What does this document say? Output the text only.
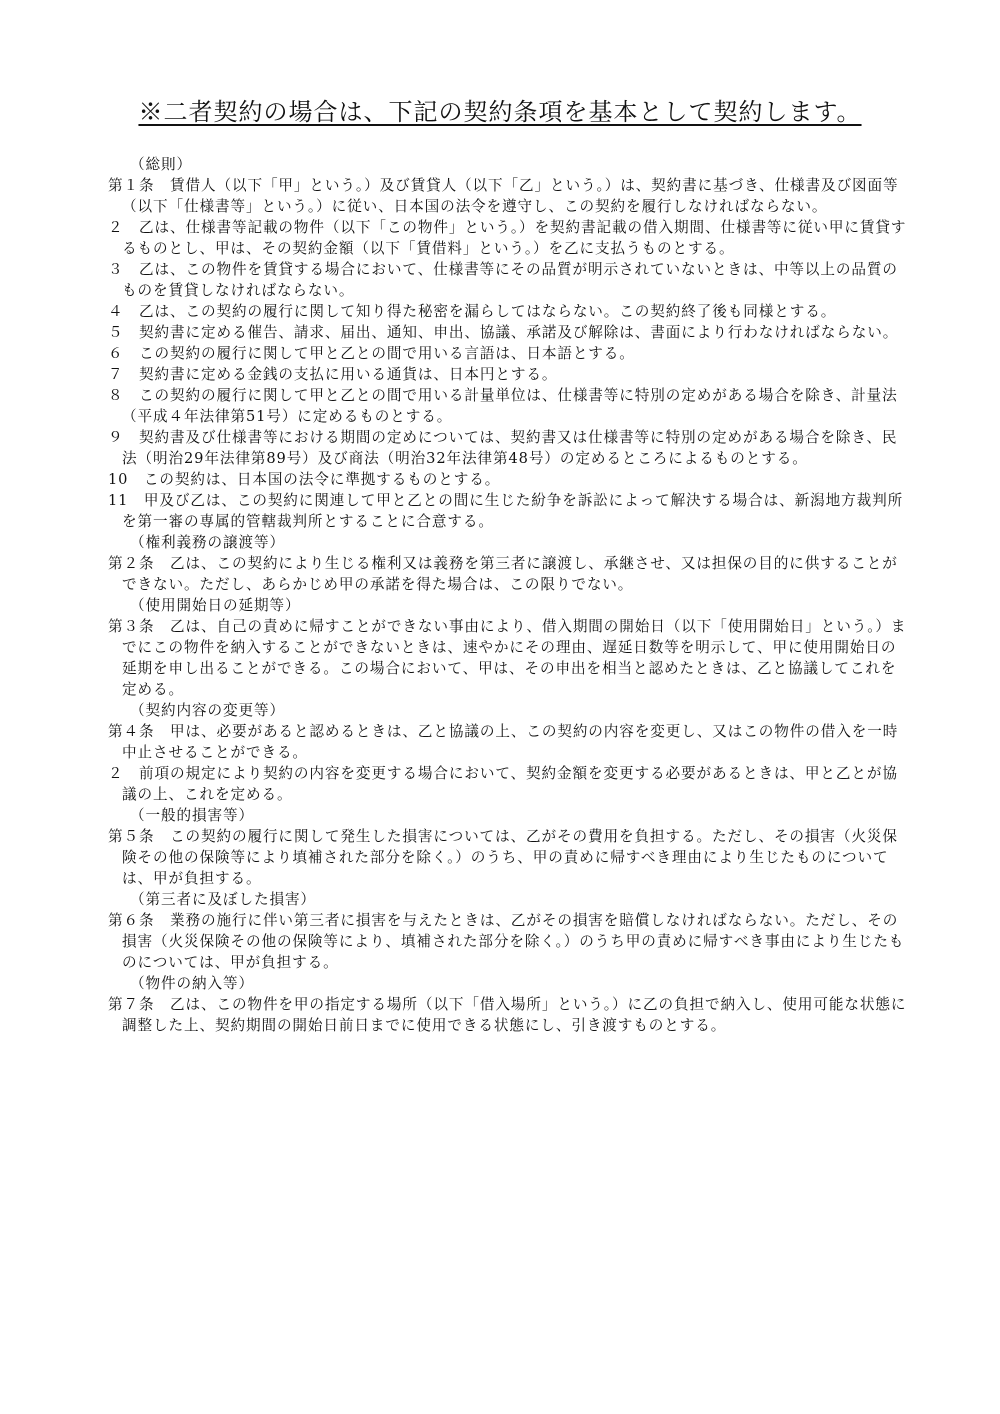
※二者契約の場合は、下記の契約条項を基本として契約します。

（総則）

第１条　賃借人（以下「甲」という。）及び賃貸人（以下「乙」という。）は、契約書に基づき、仕様書及び図面等（以下「仕様書等」という。）に従い、日本国の法令を遵守し、この契約を履行しなければならない。

２　乙は、仕様書等記載の物件（以下「この物件」という。）を契約書記載の借入期間、仕様書等に従い甲に賃貸するものとし、甲は、その契約金額（以下「賃借料」という。）を乙に支払うものとする。

３　乙は、この物件を賃貸する場合において、仕様書等にその品質が明示されていないときは、中等以上の品質のものを賃貸しなければならない。

４　乙は、この契約の履行に関して知り得た秘密を漏らしてはならない。この契約終了後も同様とする。

５　契約書に定める催告、請求、届出、通知、申出、協議、承諾及び解除は、書面により行わなければならない。

６　この契約の履行に関して甲と乙との間で用いる言語は、日本語とする。

７　契約書に定める金銭の支払に用いる通貨は、日本円とする。

８　この契約の履行に関して甲と乙との間で用いる計量単位は、仕様書等に特別の定めがある場合を除き、計量法（平成４年法律第51号）に定めるものとする。

９　契約書及び仕様書等における期間の定めについては、契約書又は仕様書等に特別の定めがある場合を除き、民法（明治29年法律第89号）及び商法（明治32年法律第48号）の定めるところによるものとする。

10　この契約は、日本国の法令に準拠するものとする。

11　甲及び乙は、この契約に関連して甲と乙との間に生じた紛争を訴訟によって解決する場合は、新潟地方裁判所を第一審の専属的管轄裁判所とすることに合意する。

（権利義務の譲渡等）

第２条　乙は、この契約により生じる権利又は義務を第三者に譲渡し、承継させ、又は担保の目的に供することができない。ただし、あらかじめ甲の承諾を得た場合は、この限りでない。

（使用開始日の延期等）

第３条　乙は、自己の責めに帰すことができない事由により、借入期間の開始日（以下「使用開始日」という。）までにこの物件を納入することができないときは、速やかにその理由、遅延日数等を明示して、甲に使用開始日の延期を申し出ることができる。この場合において、甲は、その申出を相当と認めたときは、乙と協議してこれを定める。

（契約内容の変更等）

第４条　甲は、必要があると認めるときは、乙と協議の上、この契約の内容を変更し、又はこの物件の借入を一時中止させることができる。

２　前項の規定により契約の内容を変更する場合において、契約金額を変更する必要があるときは、甲と乙とが協議の上、これを定める。

（一般的損害等）

第５条　この契約の履行に関して発生した損害については、乙がその費用を負担する。ただし、その損害（火災保険その他の保険等により填補された部分を除く。）のうち、甲の責めに帰すべき理由により生じたものについては、甲が負担する。

（第三者に及ぼした損害）

第６条　業務の施行に伴い第三者に損害を与えたときは、乙がその損害を賠償しなければならない。ただし、その損害（火災保険その他の保険等により、填補された部分を除く。）のうち甲の責めに帰すべき事由により生じたものについては、甲が負担する。

（物件の納入等）

第７条　乙は、この物件を甲の指定する場所（以下「借入場所」という。）に乙の負担で納入し、使用可能な状態に調整した上、契約期間の開始日前日までに使用できる状態にし、引き渡すものとする。
